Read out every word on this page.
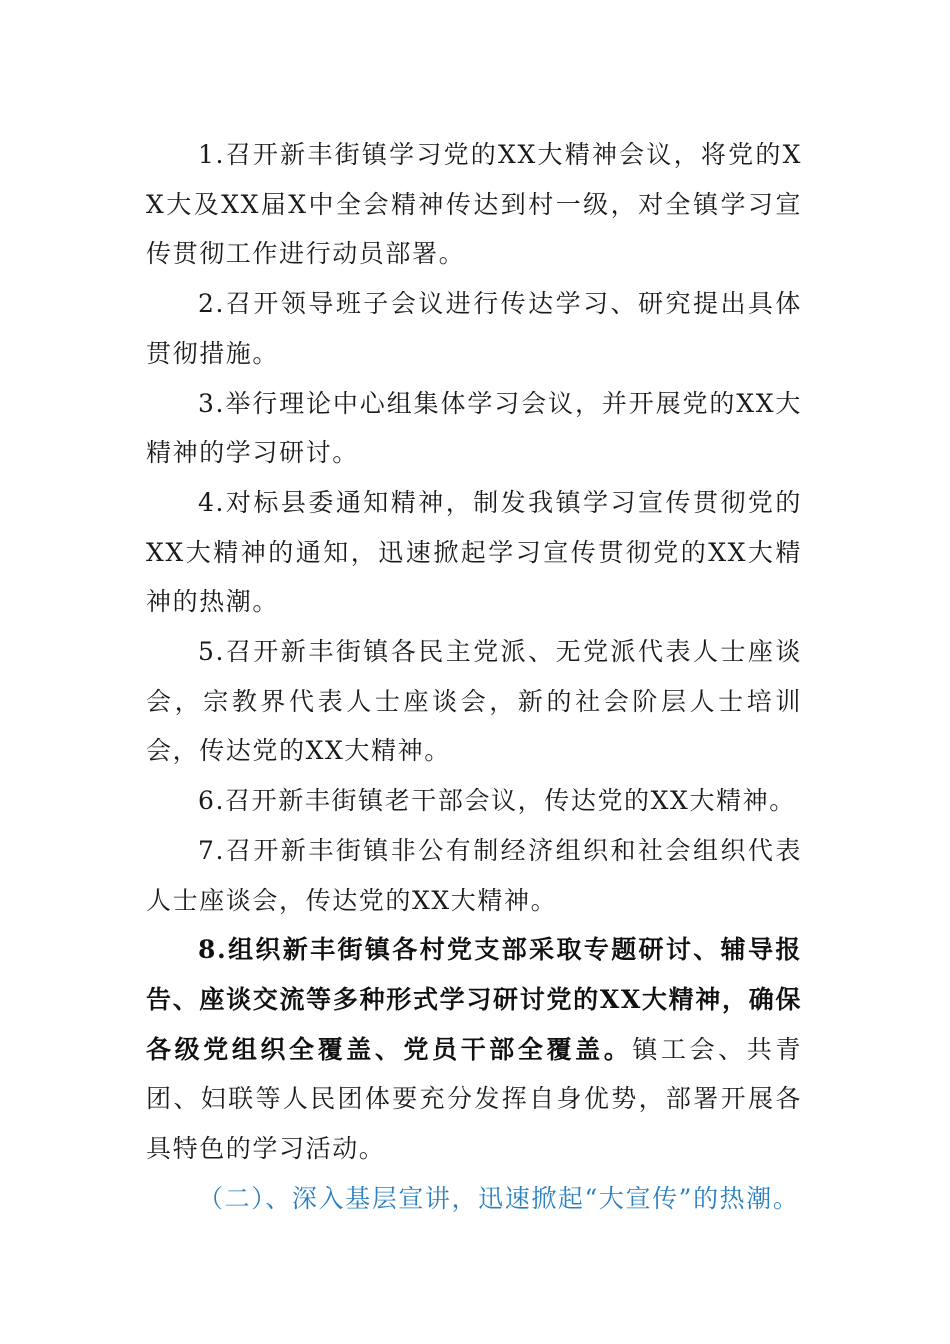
1.召开新丰街镇学习党的XX大精神会议，将党的XX大及XX届X中全会精神传达到村一级，对全镇学习宣传贯彻工作进行动员部署。

2.召开领导班子会议进行传达学习、研究提出具体贯彻措施。

3.举行理论中心组集体学习会议，并开展党的XX大精神的学习研讨。

4.对标县委通知精神，制发我镇学习宣传贯彻党的XX大精神的通知，迅速掀起学习宣传贯彻党的XX大精神的热潮。

5.召开新丰街镇各民主党派、无党派代表人士座谈会，宗教界代表人士座谈会，新的社会阶层人士培训会，传达党的XX大精神。

6.召开新丰街镇老干部会议，传达党的XX大精神。

7.召开新丰街镇非公有制经济组织和社会组织代表人士座谈会，传达党的XX大精神。

8.组织新丰街镇各村党支部采取专题研讨、辅导报告、座谈交流等多种形式学习研讨党的XX大精神，确保各级党组织全覆盖、党员干部全覆盖。镇工会、共青团、妇联等人民团体要充分发挥自身优势，部署开展各具特色的学习活动。

（二）、深入基层宣讲，迅速掀起“大宣传”的热潮。
